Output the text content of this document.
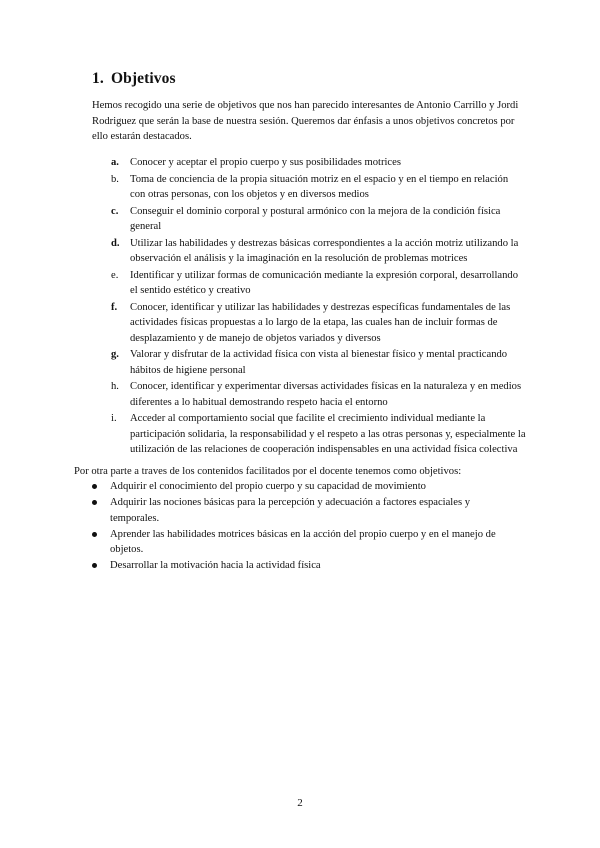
1. Objetivos

Hemos recogido una serie de objetivos que nos han parecido interesantes de Antonio Carrillo y Jordi Rodriguez que serán la base de nuestra sesión. Queremos dar énfasis a unos objetivos concretos por ello estarán destacados.

a. Conocer y aceptar el propio cuerpo y sus posibilidades motrices
b. Toma de conciencia de la propia situación motriz en el espacio y en el tiempo en relación con otras personas, con los objetos y en diversos medios
c. Conseguir el dominio corporal y postural armónico con la mejora de la condición física general
d. Utilizar las habilidades y destrezas básicas correspondientes a la acción motriz utilizando la observación el análisis y la imaginación en la resolución de problemas motrices
e. Identificar y utilizar formas de comunicación mediante la expresión corporal, desarrollando el sentido estético y creativo
f. Conocer, identificar y utilizar las habilidades y destrezas específicas fundamentales de las actividades físicas propuestas a lo largo de la etapa, las cuales han de incluir formas de desplazamiento y de manejo de objetos variados y diversos
g. Valorar y disfrutar de la actividad física con vista al bienestar físico y mental practicando hábitos de higiene personal
h. Conocer, identificar y experimentar diversas actividades físicas en la naturaleza y en medios diferentes a lo habitual demostrando respeto hacia el entorno
i. Acceder al comportamiento social que facilite el crecimiento individual mediante la participación solidaria, la responsabilidad y el respeto a las otras personas y, especialmente la utilización de las relaciones de cooperación indispensables en una actividad física colectiva

Por otra parte a traves de los contenidos facilitados por el docente tenemos como objetivos:

Adquirir el conocimiento del propio cuerpo y su capacidad de movimiento
Adquirir las nociones básicas para la percepción y adecuación a factores espaciales y temporales.
Aprender las habilidades motrices básicas en la acción del propio cuerpo y en el manejo de objetos.
Desarrollar la motivación hacia la actividad física
2
